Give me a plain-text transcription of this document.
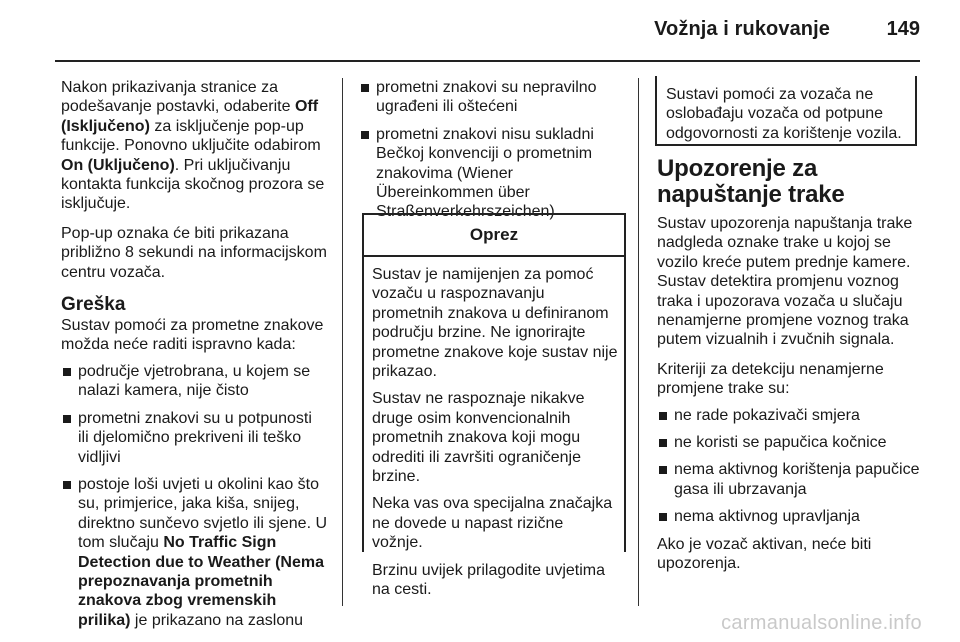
Vožnja i rukovanje	149

Nakon prikazivanja stranice za podešavanje postavki, odaberite Off (Isključeno) za isključenje pop-up funkcije. Ponovno uključite odabirom On (Uključeno). Pri uključivanju kontakta funkcija skočnog prozora se isključuje.

Pop-up oznaka će biti prikazana približno 8 sekundi na informacijskom centru vozača.

Greška

Sustav pomoći za prometne znakove možda neće raditi ispravno kada:

područje vjetrobrana, u kojem se nalazi kamera, nije čisto
prometni znakovi su u potpunosti ili djelomično prekriveni ili teško vidljivi
postoje loši uvjeti u okolini kao što su, primjerice, jaka kiša, snijeg, direktno sunčevo svjetlo ili sjene. U tom slučaju No Traffic Sign Detection due to Weather (Nema prepoznavanja prometnih znakova zbog vremenskih prilika) je prikazano na zaslonu
prometni znakovi su nepravilno ugrađeni ili oštećeni
prometni znakovi nisu sukladni Bečkoj konvenciji o prometnim znakovima (Wiener Übereinkommen über Straßenverkehrszeichen)
Oprez

Sustav je namijenjen za pomoć vozaču u raspoznavanju prometnih znakova u definiranom području brzine. Ne ignorirajte prometne znakove koje sustav nije prikazao.

Sustav ne raspoznaje nikakve druge osim konvencionalnih prometnih znakova koji mogu odrediti ili završiti ograničenje brzine.

Neka vas ova specijalna značajka ne dovede u napast rizične vožnje.

Brzinu uvijek prilagodite uvjetima na cesti.

Sustavi pomoći za vozača ne oslobađaju vozača od potpune odgovornosti za korištenje vozila.
Upozorenje za napuštanje trake

Sustav upozorenja napuštanja trake nadgleda oznake trake u kojoj se vozilo kreće putem prednje kamere. Sustav detektira promjenu voznog traka i upozorava vozača u slučaju nenamjerne promjene voznog traka putem vizualnih i zvučnih signala.

Kriteriji za detekciju nenamjerne promjene trake su:

ne rade pokazivači smjera
ne koristi se papučica kočnice
nema aktivnog korištenja papučice gasa ili ubrzavanja
nema aktivnog upravljanja

Ako je vozač aktivan, neće biti upozorenja.

carmanualsonline.info
